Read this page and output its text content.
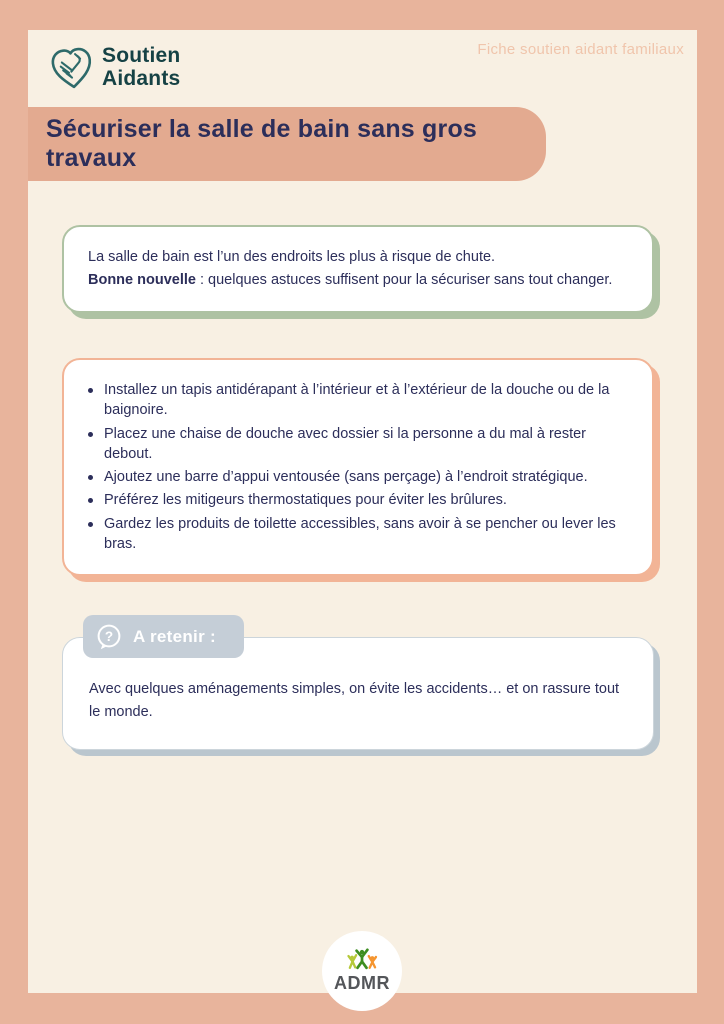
Soutien
Aidants
Fiche soutien aidant familiaux
Sécuriser la salle de bain sans gros travaux

La salle de bain est l’un des endroits les plus à risque de chute.
Bonne nouvelle : quelques astuces suffisent pour la sécuriser sans tout changer.

Installez un tapis antidérapant à l’intérieur et à l’extérieur de la douche ou de la baignoire.
Placez une chaise de douche avec dossier si la personne a du mal à rester debout.
Ajoutez une barre d’appui ventousée (sans perçage) à l’endroit stratégique.
Préférez les mitigeurs thermostatiques pour éviter les brûlures.
Gardez les produits de toilette accessibles, sans avoir à se pencher ou lever les bras.
? A retenir :

Avec quelques aménagements simples, on évite les accidents… et on rassure tout le monde.

ADMR
